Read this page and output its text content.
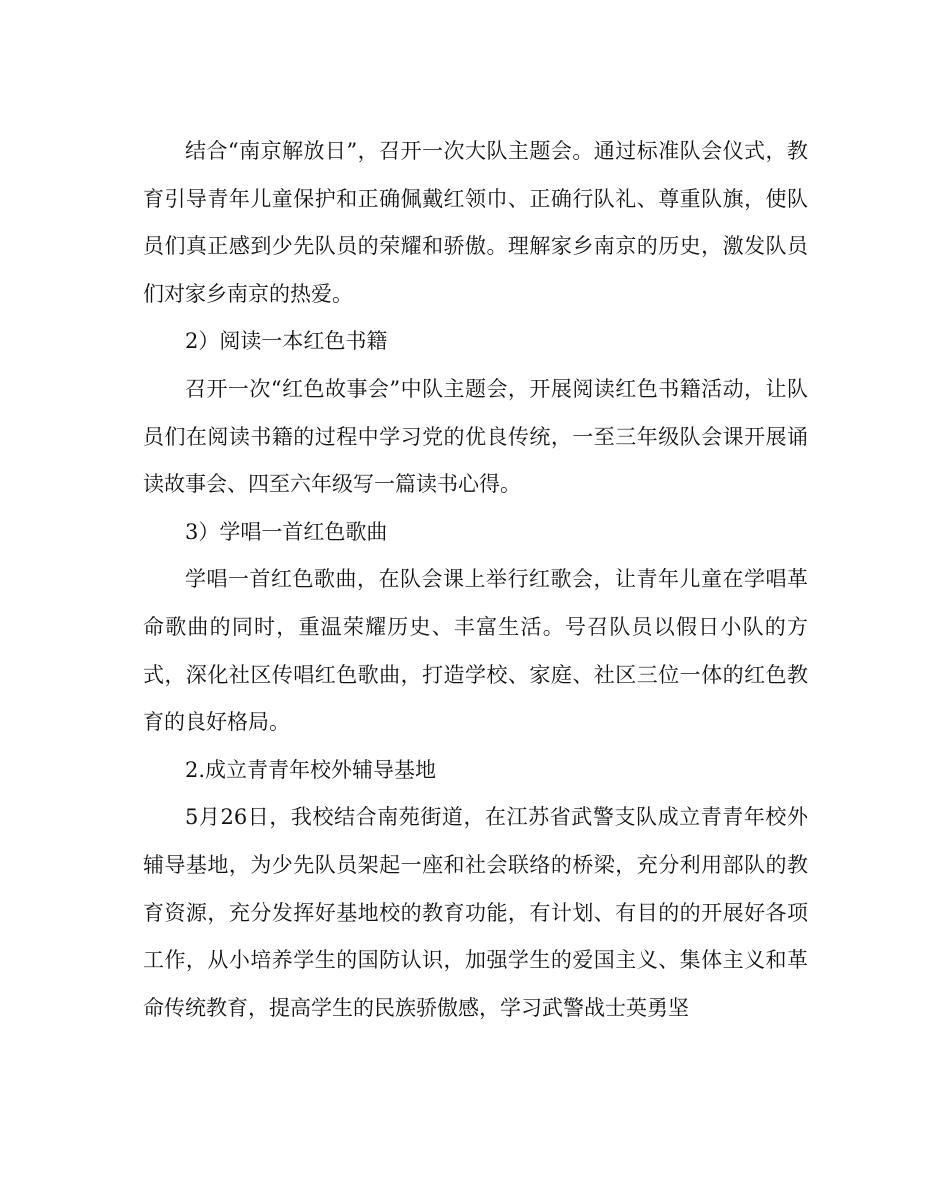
结合“南京解放日”，召开一次大队主题会。通过标准队会仪式，教育引导青年儿童保护和正确佩戴红领巾、正确行队礼、尊重队旗，使队员们真正感到少先队员的荣耀和骄傲。理解家乡南京的历史，激发队员们对家乡南京的热爱。

2）阅读一本红色书籍

召开一次“红色故事会”中队主题会，开展阅读红色书籍活动，让队员们在阅读书籍的过程中学习党的优良传统，一至三年级队会课开展诵读故事会、四至六年级写一篇读书心得。

3）学唱一首红色歌曲

学唱一首红色歌曲，在队会课上举行红歌会，让青年儿童在学唱革命歌曲的同时，重温荣耀历史、丰富生活。号召队员以假日小队的方式，深化社区传唱红色歌曲，打造学校、家庭、社区三位一体的红色教育的良好格局。

2.成立青青年校外辅导基地

5月26日，我校结合南苑街道，在江苏省武警支队成立青青年校外辅导基地，为少先队员架起一座和社会联络的桥梁，充分利用部队的教育资源，充分发挥好基地校的教育功能，有计划、有目的的开展好各项工作，从小培养学生的国防认识，加强学生的爱国主义、集体主义和革命传统教育，提高学生的民族骄傲感，学习武警战士英勇坚
